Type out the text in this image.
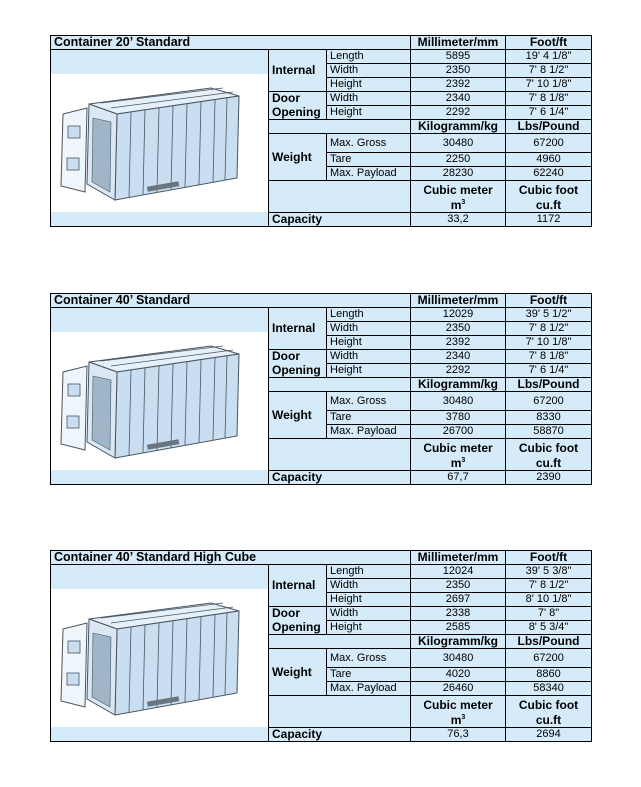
Container 20’ Standard			Millimeter/mm	Foot/ft

	Internal	Length	5895	19' 4 1/8"
		Width	2350	7' 8 1/2"
		Height	2392	7' 10 1/8"
	Door	Width	2340	7' 8 1/8"
	Opening	Height	2292	7' 6 1/4"
			Kilogramm/kg	Lbs/Pound
	Weight	Max. Gross	30480	67200
		Tare	2250	4960
		Max. Payload	28230	62240
			Cubic meter	Cubic foot
			$m^3$	cu.ft
	Capacity		33,2	1172
Container 40’ Standard			Millimeter/mm	Foot/ft

	Internal	Length	12029	39' 5 1/2"
		Width	2350	7' 8 1/2"
		Height	2392	7' 10 1/8"
	Door	Width	2340	7' 8 1/8"
	Opening	Height	2292	7' 6 1/4"
			Kilogramm/kg	Lbs/Pound
	Weight	Max. Gross	30480	67200
		Tare	3780	8330
		Max. Payload	26700	58870
			Cubic meter	Cubic foot
			$m^3$	cu.ft
	Capacity		67,7	2390
Container 40’ Standard High Cube			Millimeter/mm	Foot/ft

	Internal	Length	12024	39' 5 3/8"
		Width	2350	7' 8 1/2"
		Height	2697	8' 10 1/8"
	Door	Width	2338	7' 8"
	Opening	Height	2585	8' 5 3/4"
			Kilogramm/kg	Lbs/Pound
	Weight	Max. Gross	30480	67200
		Tare	4020	8860
		Max. Payload	26460	58340
			Cubic meter	Cubic foot
			$m^3$	cu.ft
	Capacity		76,3	2694
